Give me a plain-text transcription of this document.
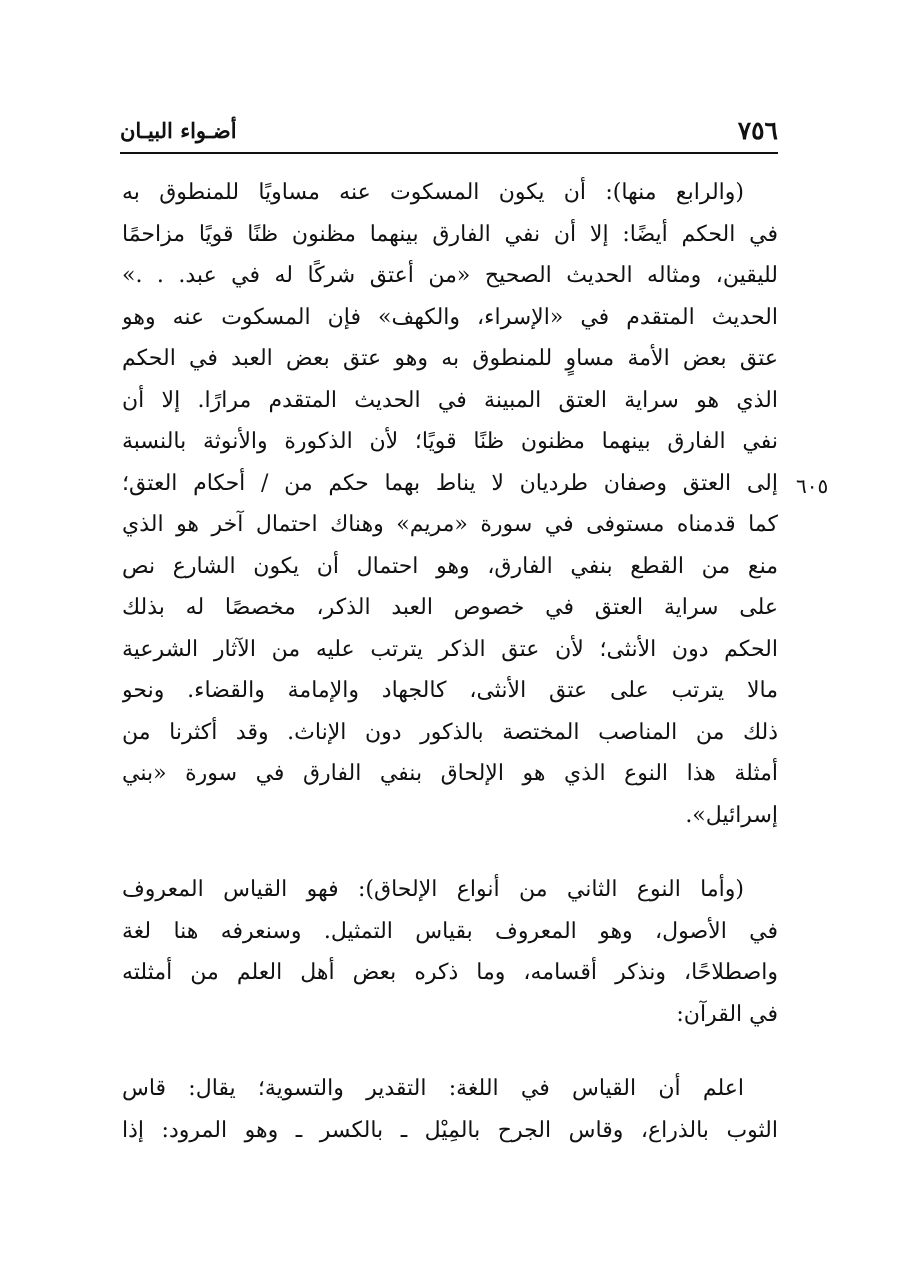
٧٥٦
أضـواء البيـان
٦٠٥
(والرابع منها): أن يكون المسكوت عنه مساويًا للمنطوق به
في الحكم أيضًا: إلا أن نفي الفارق بينهما مظنون ظنًا قويًا مزاحمًا
لليقين، ومثاله الحديث الصحيح «من أعتق شركًا له في عبد. . .»
الحديث المتقدم في «الإسراء، والكهف» فإن المسكوت عنه وهو
عتق بعض الأمة مساوٍ للمنطوق به وهو عتق بعض العبد في الحكم
الذي هو سراية العتق المبينة في الحديث المتقدم مرارًا. إلا أن
نفي الفارق بينهما مظنون ظنًا قويًا؛ لأن الذكورة والأنوثة بالنسبة
إلى العتق وصفان طرديان لا يناط بهما حكم من / أحكام العتق؛
كما قدمناه مستوفى في سورة «مريم» وهناك احتمال آخر هو الذي
منع من القطع بنفي الفارق، وهو احتمال أن يكون الشارع نص
على سراية العتق في خصوص العبد الذكر، مخصصًا له بذلك
الحكم دون الأنثى؛ لأن عتق الذكر يترتب عليه من الآثار الشرعية
مالا يترتب على عتق الأنثى، كالجهاد والإمامة والقضاء. ونحو
ذلك من المناصب المختصة بالذكور دون الإناث. وقد أكثرنا من
أمثلة هذا النوع الذي هو الإلحاق بنفي الفارق في سورة «بني
إسرائيل».
(وأما النوع الثاني من أنواع الإلحاق): فهو القياس المعروف
في الأصول، وهو المعروف بقياس التمثيل. وسنعرفه هنا لغة
واصطلاحًا، ونذكر أقسامه، وما ذكره بعض أهل العلم من أمثلته
في القرآن:
اعلم أن القياس في اللغة: التقدير والتسوية؛ يقال: قاس
الثوب بالذراع، وقاس الجرح بالمِيْل ـ بالكسر ـ وهو المرود: إذا
